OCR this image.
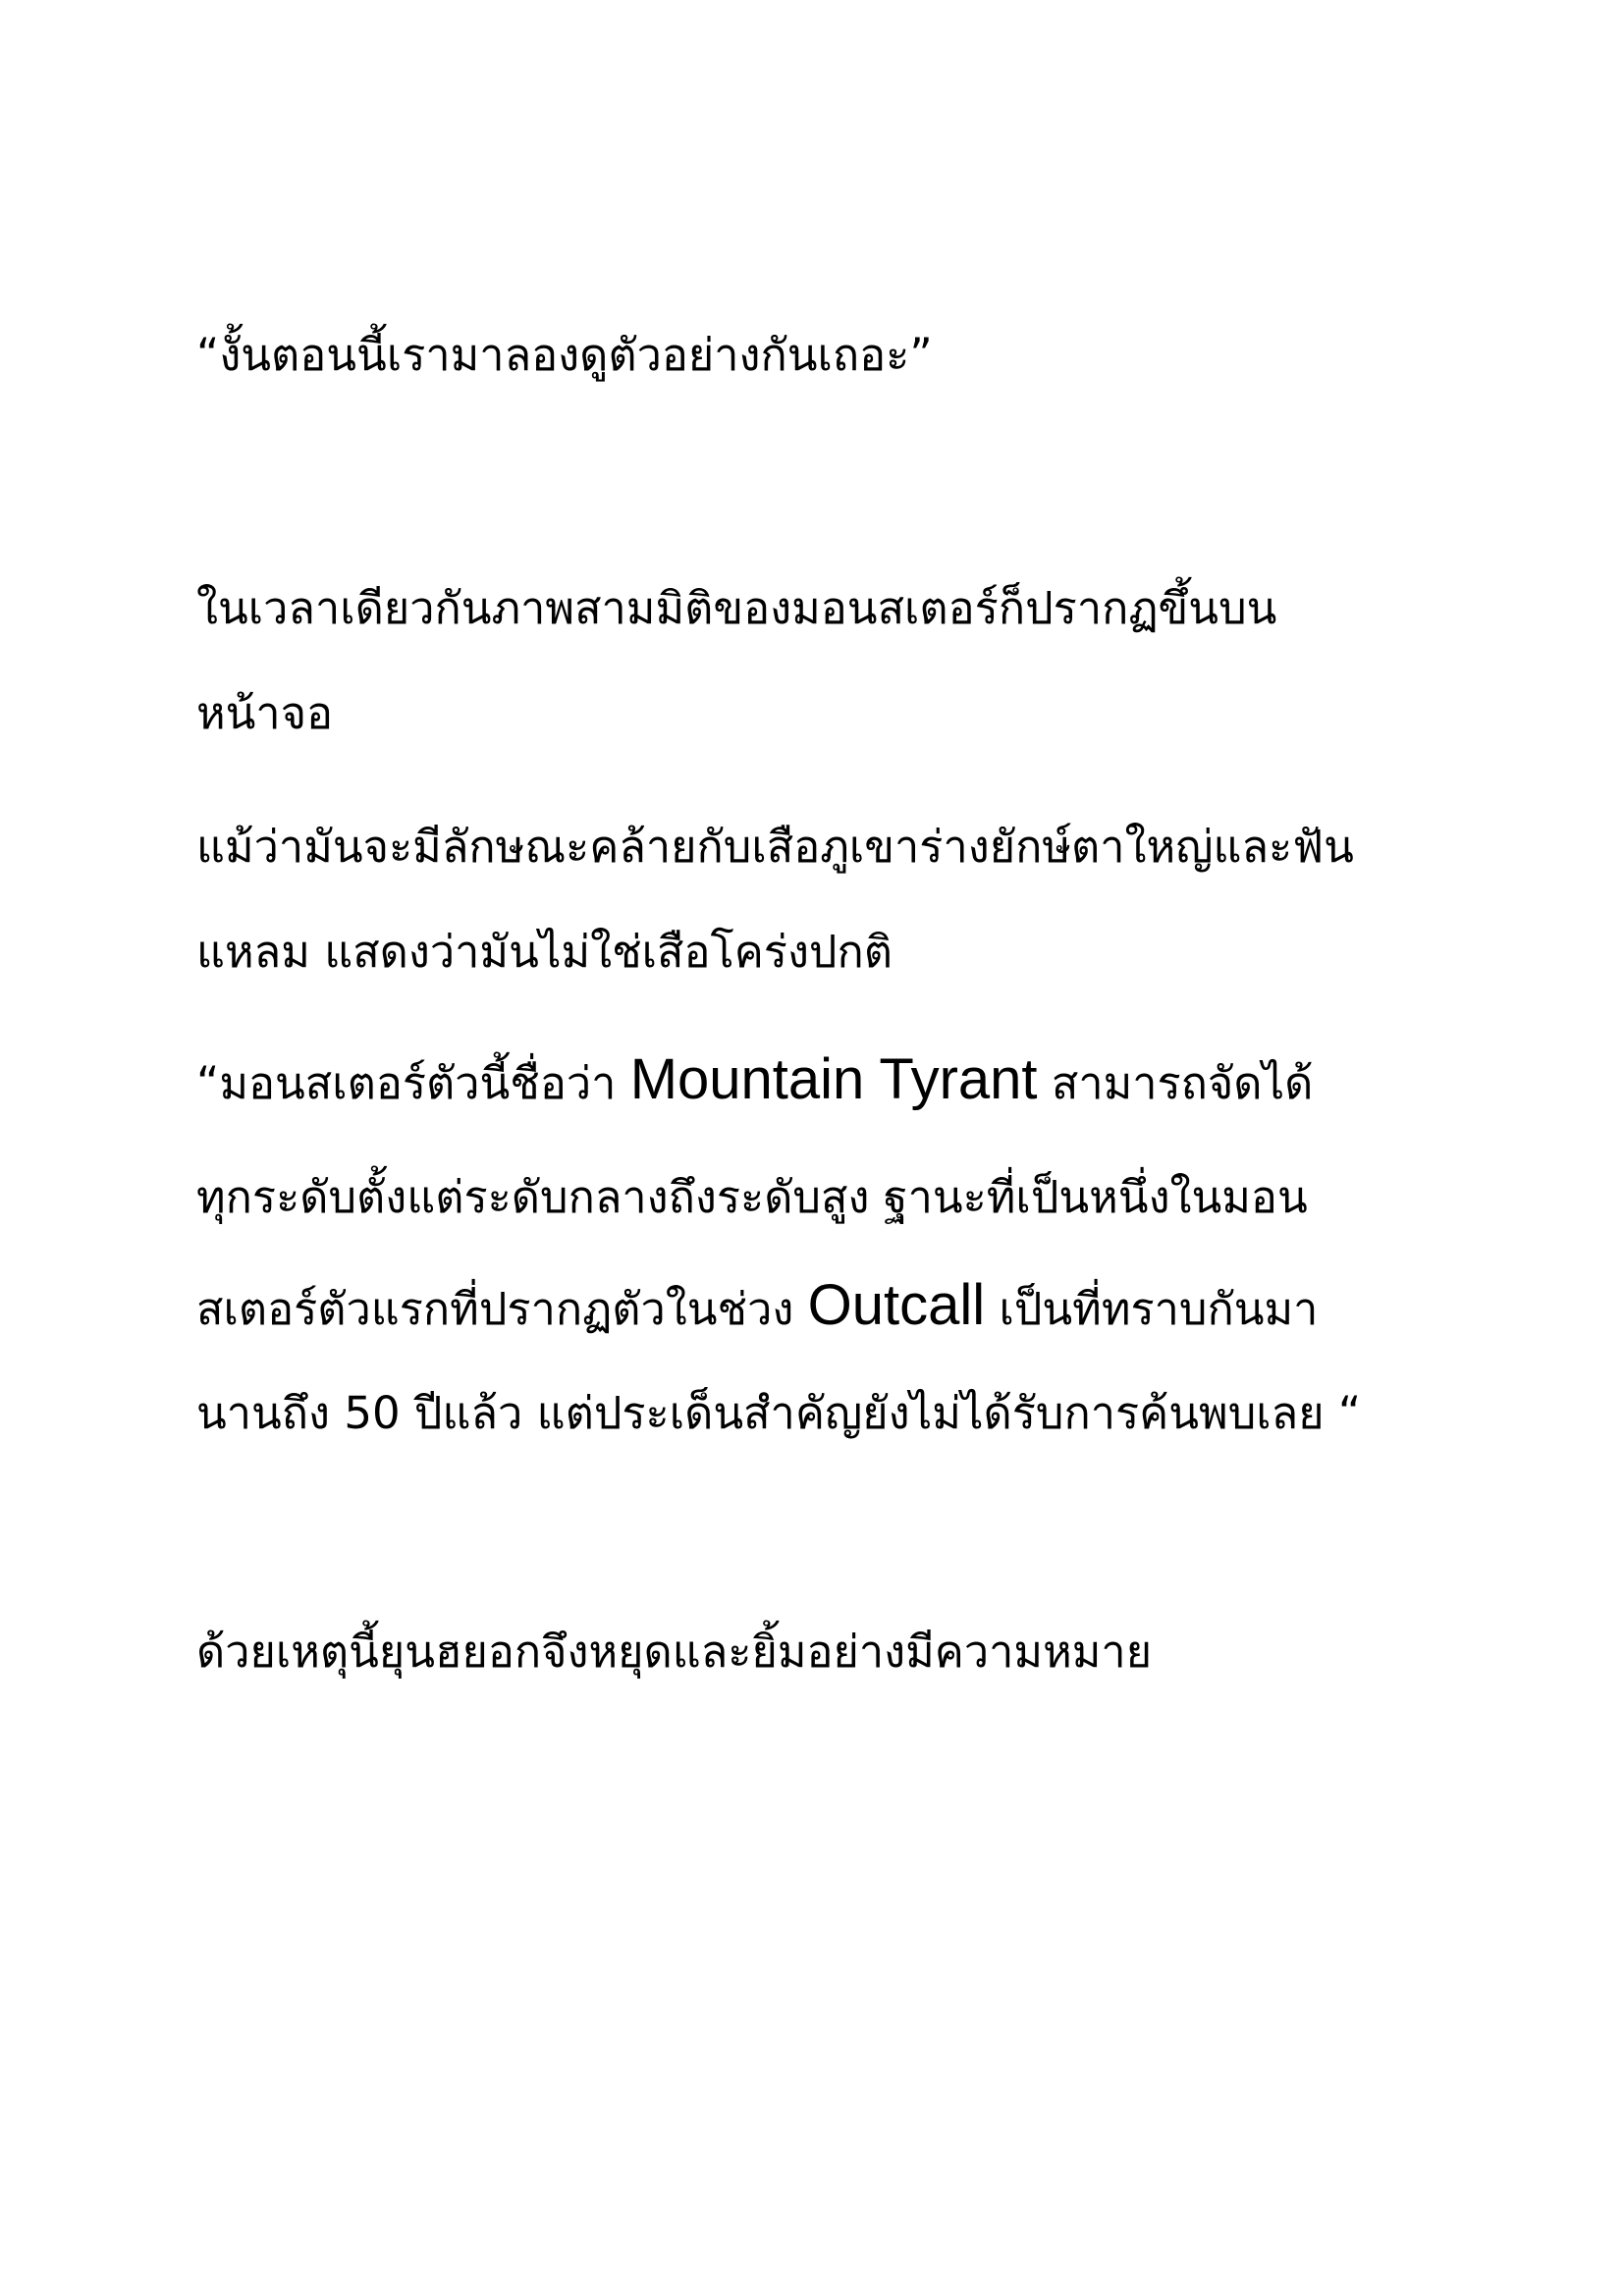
“งั้นตอนนี้เรามาลองดูตัวอย่างกันเถอะ”
ในเวลาเดียวกันภาพสามมิติของมอนสเตอร์ก็ปรากฏขึ้นบน
หน้าจอ
แม้ว่ามันจะมีลักษณะคล้ายกับเสือภูเขาร่างยักษ์ตาใหญ่และฟัน
แหลม แสดงว่ามันไม่ใช่เสือโคร่งปกติ
“มอนสเตอร์ตัวนี้ชื่อว่า Mountain Tyrant สามารถจัดได้
ทุกระดับตั้งแต่ระดับกลางถึงระดับสูง ฐานะที่เป็นหนึ่งในมอน
สเตอร์ตัวแรกที่ปรากฏตัวในช่วง Outcall เป็นที่ทราบกันมา
นานถึง 50 ปีแล้ว แต่ประเด็นสำคัญยังไม่ได้รับการค้นพบเลย “
ด้วยเหตุนี้ยุนฮยอกจึงหยุดและยิ้มอย่างมีความหมาย
